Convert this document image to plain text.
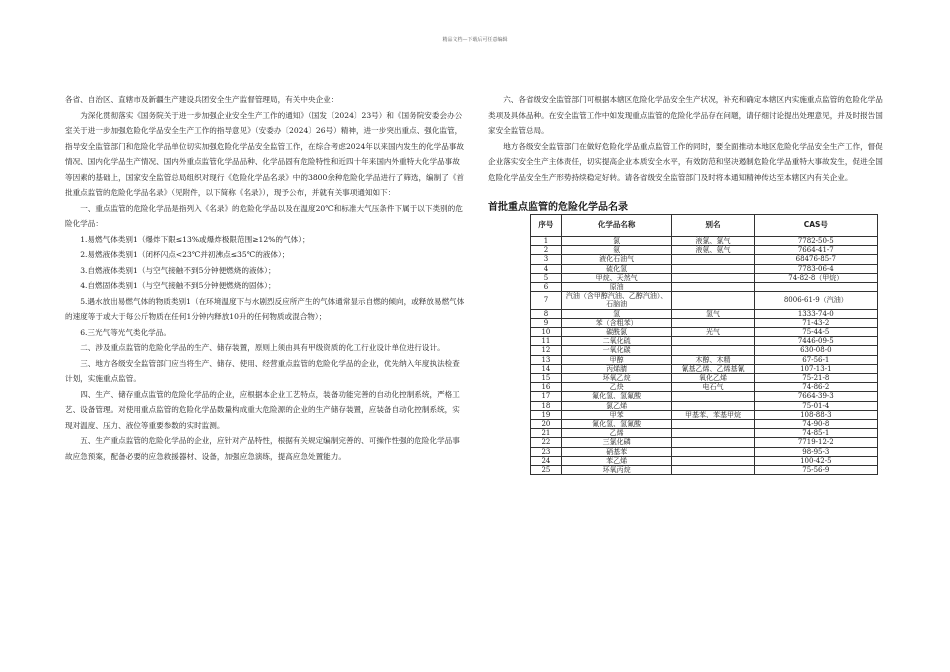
精品文档—下载后可任意编辑

各省、自治区、直辖市及新疆生产建设兵团安全生产监督管理局，有关中央企业：

为深化贯彻落实《国务院关于进一步加强企业安全生产工作的通知》（国发〔2024〕23号）和《国务院安委会办公室关于进一步加强危险化学品安全生产工作的指导意见》（安委办〔2024〕26号）精神，进一步突出重点、强化监管，指导安全监管部门和危险化学品单位切实加强危险化学品安全监管工作，在综合考虑2024年以来国内发生的化学品事故情况、国内化学品生产情况、国内外重点监管化学品品种、化学品固有危险特性和近四十年来国内外重特大化学品事故等因素的基础上，国家安全监管总局组织对现行《危险化学品名录》中的3800余种危险化学品进行了筛选，编制了《首批重点监管的危险化学品名录》（见附件，以下简称《名录》），现予公布，并就有关事项通知如下：

一、重点监管的危险化学品是指列入《名录》的危险化学品以及在温度20℃和标准大气压条件下属于以下类别的危险化学品：

1.易燃气体类别1（爆炸下限≤13%或爆炸极限范围≥12%的气体）；

2.易燃液体类别1（闭杯闪点<23℃并初沸点≤35℃的液体）；

3.自燃液体类别1（与空气接触不到5分钟便燃烧的液体）；

4.自燃固体类别1（与空气接触不到5分钟便燃烧的固体）；

5.遇水放出易燃气体的物质类别1（在环境温度下与水剧烈反应所产生的气体通常显示自燃的倾向，或释放易燃气体的速度等于或大于每公斤物质在任何1分钟内释放10升的任何物质或混合物）；

6.三光气等光气类化学品。

二、涉及重点监管的危险化学品的生产、储存装置，原则上须由具有甲级资质的化工行业设计单位进行设计。

三、地方各级安全监管部门应当将生产、储存、使用、经营重点监管的危险化学品的企业，优先纳入年度执法检查计划，实施重点监管。

四、生产、储存重点监管的危险化学品的企业，应根据本企业工艺特点，装备功能完善的自动化控制系统，严格工艺、设备管理。对使用重点监管的危险化学品数量构成重大危险源的企业的生产储存装置，应装备自动化控制系统，实现对温度、压力、液位等重要参数的实时监测。

五、生产重点监管的危险化学品的企业，应针对产品特性，根据有关规定编制完善的、可操作性强的危险化学品事故应急预案，配备必要的应急救援器材、设备，加强应急演练，提高应急处置能力。

六、各省级安全监管部门可根据本辖区危险化学品安全生产状况，补充和确定本辖区内实施重点监管的危险化学品类项及具体品种。在安全监管工作中如发现重点监管的危险化学品存在问题，请仔细讨论提出处理意见，并及时报告国家安全监管总局。

地方各级安全监管部门在做好危险化学品重点监管工作的同时，要全面推动本地区危险化学品安全生产工作，督促企业落实安全生产主体责任，切实提高企业本质安全水平，有效防范和坚决遏制危险化学品重特大事故发生，促进全国危险化学品安全生产形势持续稳定好转。请各省级安全监管部门及时将本通知精神传达至本辖区内有关企业。

首批重点监管的危险化学品名录
序号	化学品名称	别名	CAS号
1	氯	液氯、氯气	7782-50-5
2	氨	液氨、氨气	7664-41-7
3	液化石油气		68476-85-7
4	硫化氢		7783-06-4
5	甲烷、天然气		74-82-8（甲烷）
6	原油		
7	汽油（含甲醇汽油、乙醇汽油）、石脑油		8006-61-9（汽油）
8	氢	氢气	1333-74-0
9	苯（含粗苯）		71-43-2
10	碳酰氯	光气	75-44-5
11	二氧化硫		7446-09-5
12	一氧化碳		630-08-0
13	甲醇	木醇、木精	67-56-1
14	丙烯腈	氰基乙烯、乙烯基氰	107-13-1
15	环氧乙烷	氧化乙烯	75-21-8
16	乙炔	电石气	74-86-2
17	氟化氢、氢氟酸		7664-39-3
18	氯乙烯		75-01-4
19	甲苯	甲基苯、苯基甲烷	108-88-3
20	氰化氢、氢氰酸		74-90-8
21	乙烯		74-85-1
22	三氯化磷		7719-12-2
23	硝基苯		98-95-3
24	苯乙烯		100-42-5
25	环氧丙烷		75-56-9
